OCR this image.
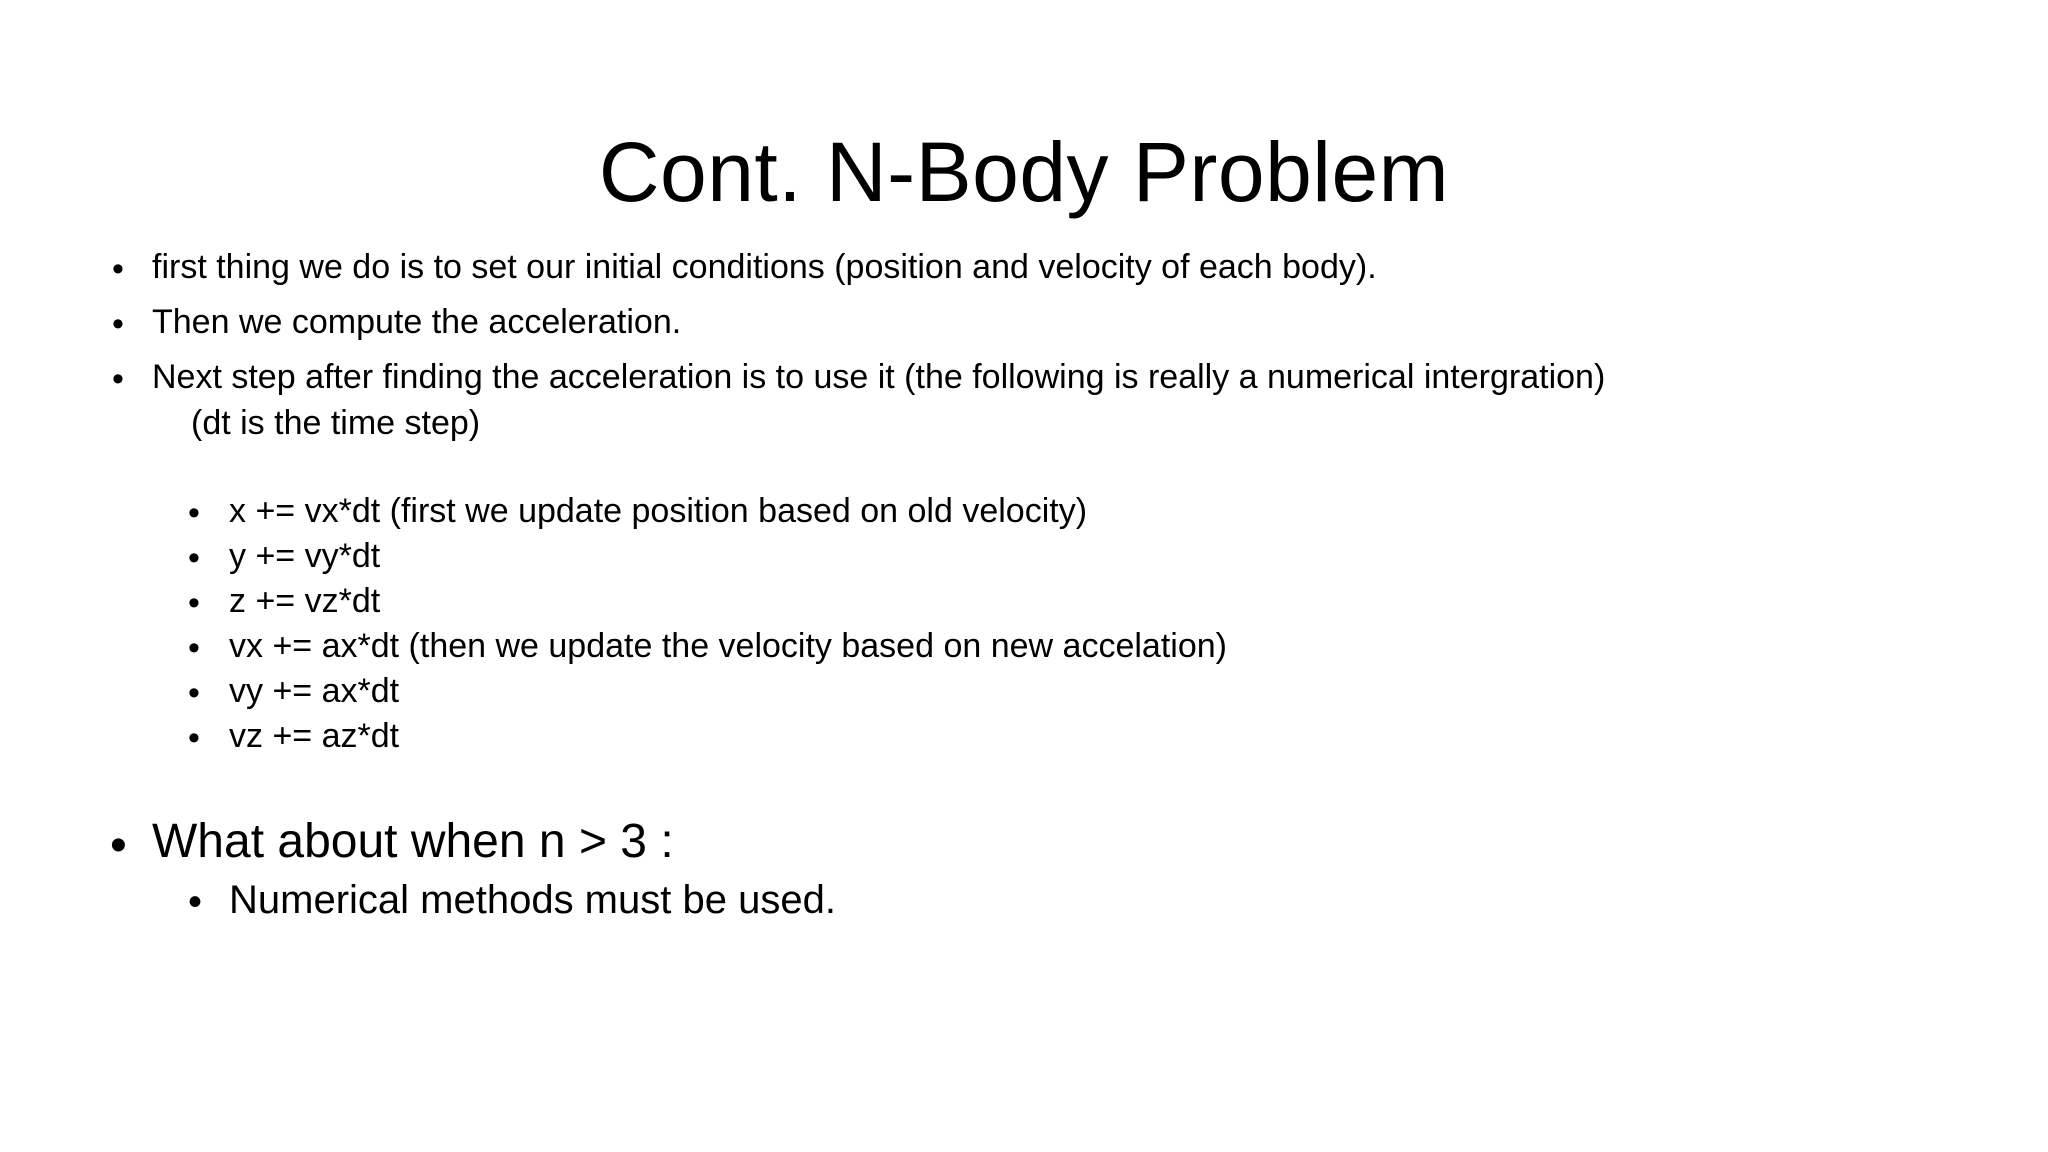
Cont. N-Body Problem
• first thing we do is to set our initial conditions (position and velocity of each body).
• Then we compute the acceleration.
• Next step after finding the acceleration is to use it (the following is really a numerical intergration)
(dt is the time step)
• x += vx*dt (first we update position based on old velocity)
• y += vy*dt
• z += vz*dt
• vx += ax*dt (then we update the velocity based on new accelation)
• vy += ax*dt
• vz += az*dt
• What about when n > 3 :
• Numerical methods must be used.
